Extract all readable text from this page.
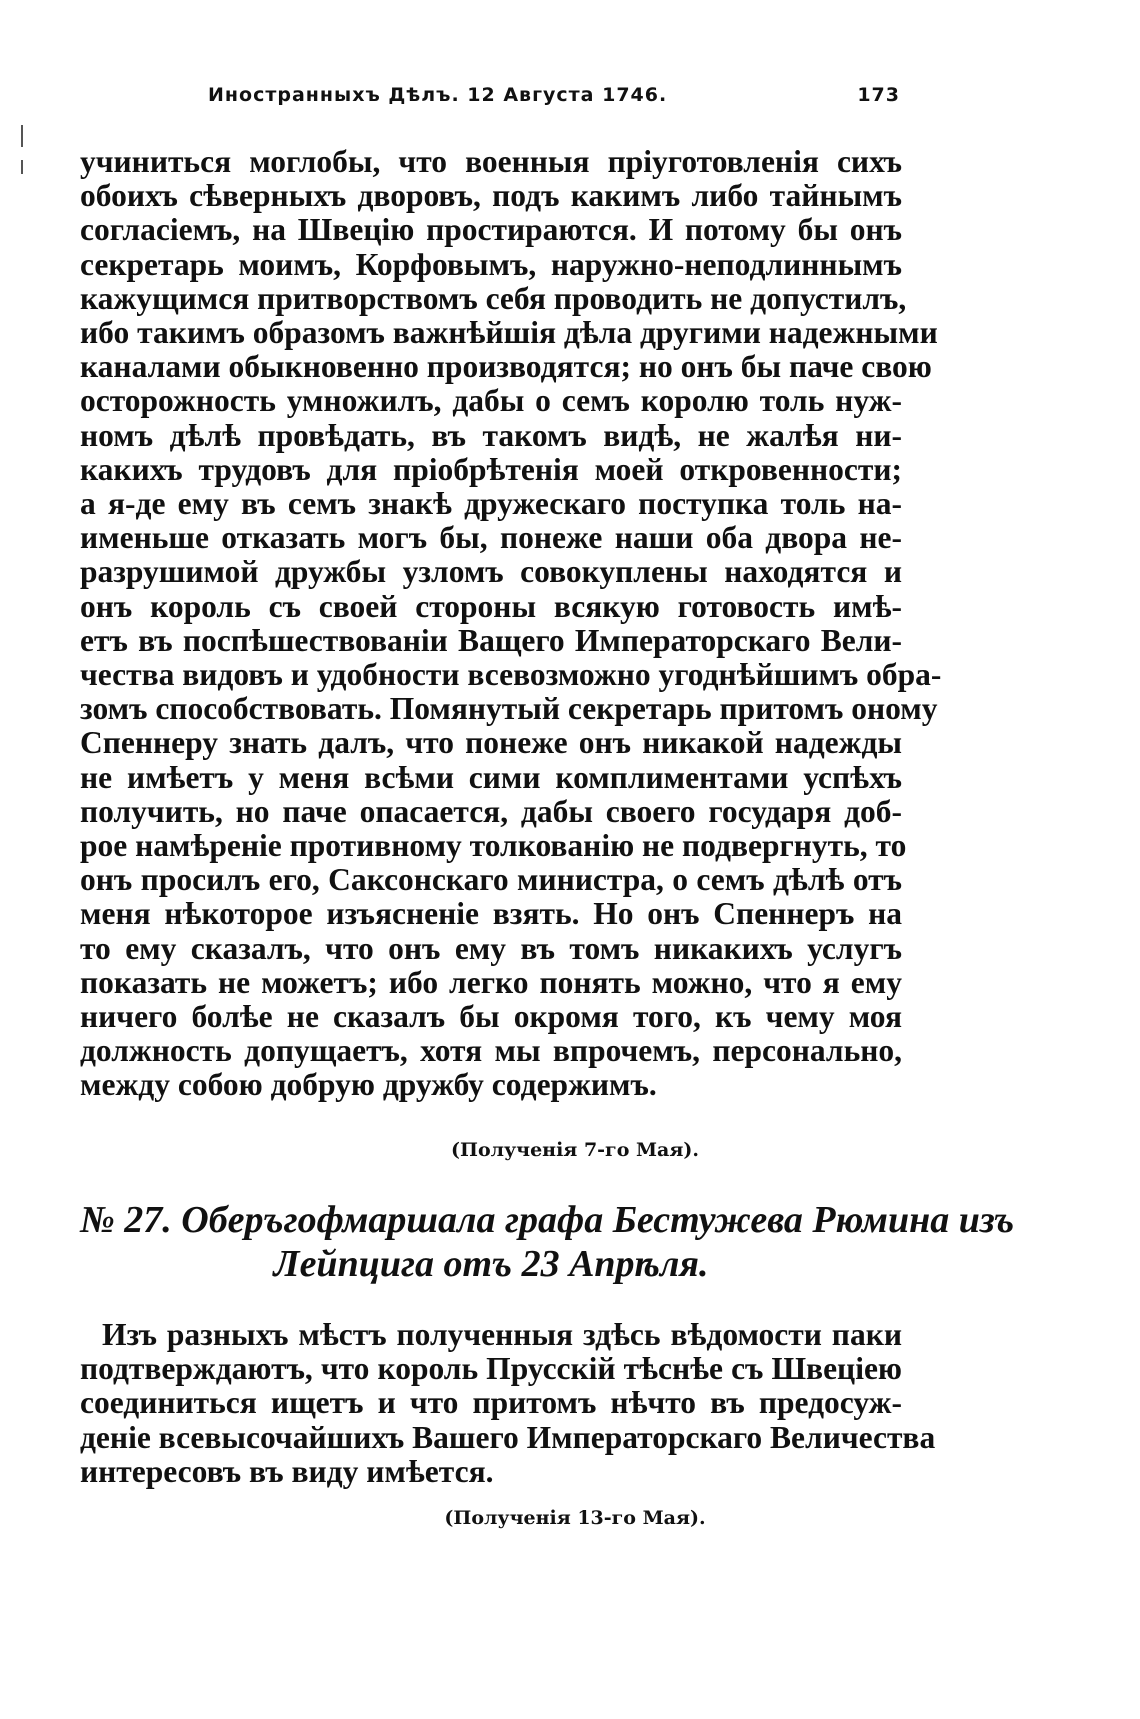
Иностранныхъ Дѣлъ. 12 Августа 1746.	173
учиниться моглобы, что военныя пріуготовленія сихъ
обоихъ сѣверныхъ дворовъ, подъ какимъ либо тайнымъ
согласіемъ, на Швецію простираются. И потому бы онъ
секретарь моимъ, Корфовымъ, наружно-неподлиннымъ
кажущимся притворствомъ себя проводить не допустилъ,
ибо такимъ образомъ важнѣйшія дѣла другими надежными
каналами обыкновенно производятся; но онъ бы паче свою
осторожность умножилъ, дабы о семъ королю толь нуж-
номъ дѣлѣ провѣдать, въ такомъ видѣ, не жалѣя ни-
какихъ трудовъ для пріобрѣтенія моей откровенности;
а я-де ему въ семъ знакѣ дружескаго поступка толь на-
именьше отказать могъ бы, понеже наши оба двора не-
разрушимой дружбы узломъ совокуплены находятся и
онъ король съ своей стороны всякую готовость имѣ-
етъ въ поспѣшествованіи Ващего Императорскаго Вели-
чества видовъ и удобности всевозможно угоднѣйшимъ обра-
зомъ способствовать. Помянутый секретарь притомъ оному
Спеннеру знать далъ, что понеже онъ никакой надежды
не имѣетъ у меня всѣми сими комплиментами успѣхъ
получить, но паче опасается, дабы своего государя доб-
рое намѣреніе противному толкованію не подвергнуть, то
онъ просилъ его, Саксонскаго министра, о семъ дѣлѣ отъ
меня нѣкоторое изъясненіе взять. Но онъ Спеннеръ на
то ему сказалъ, что онъ ему въ томъ никакихъ услугъ
показать не можетъ; ибо легко понять можно, что я ему
ничего болѣе не сказалъ бы окромя того, къ чему моя
должность допущаетъ, хотя мы впрочемъ, персонально,
между собою добрую дружбу содержимъ.
(Полученія 7-го Мая).
№ 27. Оберъгофмаршала графа Бестужева Рюмина изъ
Лейпцига отъ 23 Апрѣля.
Изъ разныхъ мѣстъ полученныя здѣсь вѣдомости паки
подтверждаютъ, что король Прусскій тѣснѣе съ Швеціею
соединиться ищетъ и что притомъ нѣчто въ предосуж-
деніе всевысочайшихъ Вашего Императорскаго Величества
интересовъ въ виду имѣется.
(Полученія 13-го Мая).
